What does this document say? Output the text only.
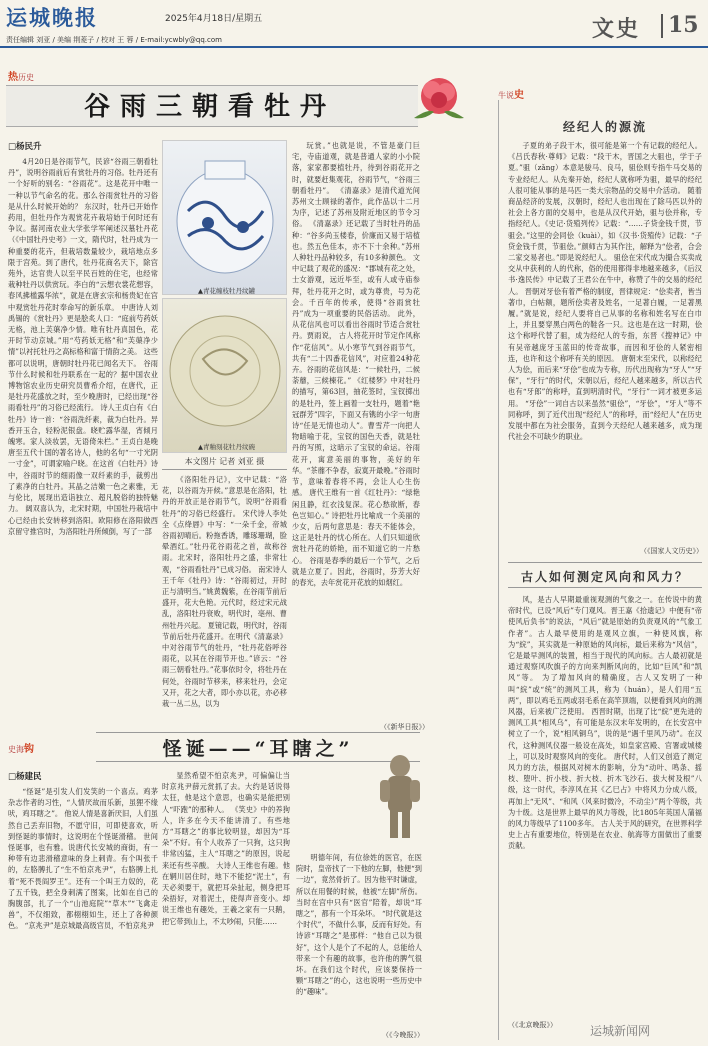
运城晚报	2025年4月18日/星期五
责任编辑 刘亚 / 美编 荆菱子 / 校对 王 蓉 / E-mail:ycwbly@qq.com	文史 15
热历史
谷雨三朝看牡丹
□杨民升

4月20日是谷雨节气，民谚“谷雨三朝看牡丹”，说明谷雨前后有赏牡丹的习俗。牡丹还有一个好听的别名：“谷雨花”。这是花开中唯一一种以节气命名的花。那么谷雨赏牡丹的习俗是从什么时候开始的？ 东汉时，牡丹已开始作药用，但牡丹作为观赏花卉栽培始于何时还有争议。据河南农业大学张学军阐述汉墓牡丹花（《中国牡丹史考》一文，隋代时，牡丹成为一种重要的花卉，但栽培数量较少，栽培地点多限于宫苑。到了唐代，牡丹花商名天下，除宫苑外，达官贵人以至平民百姓的住宅，也经常栽种牡丹以供赏玩。李白的“云想衣裳花想容，春风拂槛露华浓”，就是在唐玄宗和杨贵妃在宫中观赏牡丹花时奉命写的新乐章。 中唐诗人刘禹锡的《赏牡丹》更是脍炙人口：“庭前芍药妖无格，池上芙蕖净少情。唯有牡丹真国色，花开时节动京城。”用“芍药妖无格”和“芙蕖净少情”以衬托牡丹之高标格和富于情韵之美。 这些都可以说明，唐朝时牡丹花已闻名天下。 谷雨节什么时候和牡丹联系在一起的？据中国农业博物馆农业历史研究员曹希介绍，在唐代，正是牡丹花盛放之时，至少晚唐时，已经出现“谷雨看牡丹”的习俗已经流行。 诗人王贞白有《白牡丹》诗一首：“谷雨洗纤素，裁为白牡丹。异香开玉合，轻粉泥银盘。晓贮露华湿，宵倾月魄寒。家人淡妆罢，无语倚朱栏。” 王贞白是晚唐至五代十国的著名诗人，他的名句“一寸光阴一寸金”，可谓家喻户晓。在这首《白牡丹》诗中，谷雨时节的细雨像一双纤素的手，裁剪出了素净的白牡丹。其晶之洁嫩一色之素雅，无与伦比，展现出造诣独立、超凡脱俗的独特魅力。 阔双喜认为，北宋时期，中国牡丹栽培中心已经由长安转移到洛阳。欧阳修在洛阳做西京留守推官时，为洛阳牡丹所倾倒，写了一部

▲青花缠枝牡丹纹罐
▲青釉刻花牡丹纹碗
本文图片 记者 刘亚 摄

《洛阳牡丹记》，文中记载：“洛花，以谷雨为开候。”意思是在洛阳，牡丹的开放正是谷雨节气，说明“谷雨看牡丹”的习俗已经盛行。 宋代诗人李处全《点绛唇》中写：“一朵千金，帝城谷雨初晴后。粉拖香诱，雕琢珊瑚，脸晕酒红。”牡丹花谷雨花之首，故称谷雨。北宋时，洛阳牡丹之盛，非常壮观，“谷雨看牡丹”已成习俗。 南宋诗人王千年《牡丹》诗：“谷雨初过，开时正与清明当。”姚黄魏紫，在谷雨节前后盛开，花大色艳。元代时，经过宋元战乱，洛阳牡丹衰败，明代时，亳州、曹州牡丹兴起。 夏镜记载，明代时，谷雨节前后牡丹花盛开。在明代《清嘉录》中对谷雨节气的牡丹，“牡丹花俗呼谷雨花，以其在谷雨节开也。”谚云：“谷雨三朝看牡丹。”花事依时令，将牡丹在何处，谷雨时节移来，移来牡丹，会定又开，花之大者，即小亦以花，亦必移栽一丛二丛，以为

玩赏。”也就是说，不管是豪门巨宅，寺庙道观，就是普通人家的小小院落，家家都要植牡丹，待到谷雨花开之时，就要赶集观花，谷雨节气，“谷雨三朝看牡丹”。 《清嘉录》是清代道光间苏州文士顾禄的著作，此作品以十二月为序，记述了苏州及附近地区的节令习俗。 《清嘉录》还记载了当时牡丹的品种：“谷多尚玉楼春，价廉而又易于培植也。然五色佳本，亦不下十余种。”苏州人种牡丹品种较多，有10多种颜色。 文中记载了观花的盛况：“郡城有花之处，士女游观，远近毕至，或有人或寺庙参拜，牡丹花开之时，或为尊贵，号为花会。千百年的传承，使得“谷雨赏牡丹”成为一项重要的民俗活动。 此外，从花信风也可以看出谷雨时节适合赏牡丹。贾雨说， 古人将花开时节定作风称作“花信风”。从小寒节气到谷雨节气，共有“二十四番花信风”，对应着24种花卉。谷雨的花信风是：“一候牡丹，二候荼蘼，三候楝花。” 《红楼梦》中对牡丹的描写，第63回，抽花签时，宝钗掷出的是牡丹，签上画着一支牡丹，题着“艳冠群芳”四字，下面又有镌的小字一句唐诗“任是无情也动人”。曹雪芹一向把人物暗喻于花，宝钗的国色天香，就是牡丹的写照，这暗示了宝钗的命运。谷雨花开，寓意美丽的事物，美好的年华。“茶蘼不争春，寂寞开最晚。”谷雨时节，意味着春将不再，会让人心生伤感。 唐代王维有一首《红牡丹》：“绿艳闲且静，红衣浅复深。花心愁欲断，春色岂知心。” 诗把牡丹比喻成一个美丽的少女，后两句意思是：春天不能体会，这正是牡丹的忧心所在。人们只知道欣赏牡丹花的娇艳，而不知道它的一片愁心。 谷雨是春季的最后一个节气，之后就是立夏了。因此，谷雨时，芬芳大好的春光，去年赏花开花放的如烟红。

（《新华日报》）
史海钩	怪诞——“耳瞎之”
□杨建民

“怪诞”是引发人们发笑的一个喜点。鸡茅杂志作者的习性，“人情厌故而乐新，虽狸不缘吠，鸡耳瞎之”。 他说人情是喜新厌旧，人们虽然自己丢弃旧物，不愿守旧，可即使喜欢，听到怪诞的事情时，这说明在个怪诞滑稽。 世间怪诞事，也有雅。说唐代长安城的商街，有一种带有边悲滑稽意味的身上刺青。有个叫张千的，左胳膊扎了“生不怕京兆尹”，右胳膊上扎着“死不畏阎罗王”。还有一个叫王力奴的，花了五千钱，把全身刺满了图案，比如在自己的胸腹部，扎了一个“山池庭院”“草木”“飞禽走兽”，不仅细致，都栩栩如生，还上了各种颜色。 “京兆尹”是京城最高级官员，不怕京兆尹

显然希望不怕京兆尹，可偏偏让当时京兆尹薛元赏抓了去。大约是话说得太狂，他是这个意思，也确实是能把别人“吓跑”的那种人。 《笑史》中的养狗人，许多在今天不能讲清了。有些地方“耳瞎之”的事比较明显，却因为“耳朵”不好。有个人收养了一只狗，这只狗非常凶猛，主人“耳瞎之”的原因，说起来还有些辛酸。 大诗人王维也有趣。他在辋川居住时，地下不能挖“泥土”，有天必须要干，就把耳朵扯起，侧身把耳朵捂好，对着泥土，使得声音变小。却说王维也有趣处，王羲之家有一只鹅，把它带到山上，不太吵闹，只能……

明德年间，有位徐姓的医官，在医院时，皇帝找了一下他的左脚，他便“到一边”，竟然骨折了。因为他平时谦虚，所以在用餐的时候，他被“左脚”所伤。当时在宫中只有“医官”陪着，却说“耳瞎之”，都有一个耳朵坏。 “时代就是这个时代”，不做什么事，反而有好处。有诗谚“耳瞎之”是那样：“他自己以为很好”，这个人是个了不起的人，总能给人带来一个有趣的故事，也许他的脾气很坏。在我们这个时代，应该要保持一颗“耳瞎之”的心，这也说明一些历史中的“趣味”。

（《今晚报》）
牛说史
经纪人的源流

子夏的弟子段干木，很可能是第一个有记载的经纪人。《吕氏春秋·尊师》记载：“段干木，晋国之大驵也，学于子夏。”驵（zǎng）本意是骏马、良马，驵侩则专指牛马交易的专业经纪人。从先秦开始，经纪人就称呼为驵，最早的经纪人很可能从事的是马匹一类大宗物品的交易中介活动。 随着商品经济的发展，汉朝时，经纪人也出现在了除马匹以外的社会上各方面的交易中，也是从汉代开始，驵与侩并称，专指经纪人。《史记·货殖列传》记载：“……子贷金钱千贯，节驵会。”这里的会同侩（kuài），如《汉书·货殖传》记载：“子贷金钱千贯，节驵侩。”颜师古为其作注，解释为“侩者，合会二家交易者也。”即是说经纪人。 驵侩在宋代成为撮合买卖成交从中获利的人的代称，俗的使用都得非地越来越多，《后汉书·逸民传》中记载了王君公在牛中，称赞了牛的交易的经纪人。 晋朝对牙侩有着严格的制度，晋律规定：“侩卖者，皆当著巾，白帖额，题所侩卖者及姓名，一足著白履，一足著黑履。”就是说，经纪人要将自己从事的名称和姓名写在白巾上，并且要穿黑白两色的鞋各一只。这也是在这一时期，侩这个称呼代替了驵，成为经纪人的专指，东晋《搜神记》中有吴帝越庞牙玉蓝田的传奇故事，而因和牙侩的人紧密相连，也许和这个称呼有关的原因。 唐朝末至宋代，以称经纪人为侩，而后来“牙侩”也成为专称，历代出现称为“牙人”“牙保”，“牙行”的时代，宋朝以后，经纪人越来越多，所以古代也有“牙郎”的称呼，直到明清时代，“牙行”一词才被更多运用。 “牙侩”一词自古以来虽然“驵侩”，“牙侩”，“牙人”等不同称呼，到了近代出现“经纪人”的称呼，而“经纪人”在历史发展中都在为社会服务，直到今天经纪人越来越多，成为现代社会不可缺少的职业。

（《国家人文历史》）
古人如何测定风向和风力？

风，是古人早期最重视观测的气象之一。在传说中的黄帝时代，已设“风后”专门观风。晋王嘉《拾遗记》中便有“帝使风后负书”的说法，“风后”就是原始的负责观风的“气象工作者”。古人最早使用的是观风立旗，一种使风旗，称为“綄”，其实就是一种原始的风向标，最后来称为“风信”，它是最早测风的装置，相当于现代的风向标。古人最初就是通过观察风吹旗子的方向来判断风向的，比如“巨风”和“凯风”等。 为了增加风向的精确度，古人又发明了一种叫“綄”或“统”的测风工具，称为（huán），是人们用“五两”，即以鸡毛五两或羽毛系在高竿顶端，以便看到风向的测风器，后来被广泛使用。 西晋时期，出现了比“綄”更先进的测风工具“相风乌”，有可能是东汉末年发明的，在长安宫中树立了一个，说“相风铜乌”，说的是“遇千里风乃动”。在汉代，这种测风仪器一般设在高处，如皇家宫殿、官署或城楼上，可以及时观察风向的变化。 唐代时，人们又创造了测定风力的方法，根据风对树木的影响，分为“动叶、鸣条、摇枝、堕叶、折小枝、折大枝、折木飞沙石、拔大树及根”八级，这一时代，李淳风在其《乙巳占》中将风力分成八级，再加上“无风”、“和风（风来时微冷，不动尘）”两个等级，共为十级。这是世界上最早的风力等级，比1805年英国人蒲福的风力等级早了1100多年。 古人关于风的研究，在世界科学史上占有重要地位，特别是在农业、航海等方面做出了重要贡献。

（《北京晚报》）	运城新闻网
